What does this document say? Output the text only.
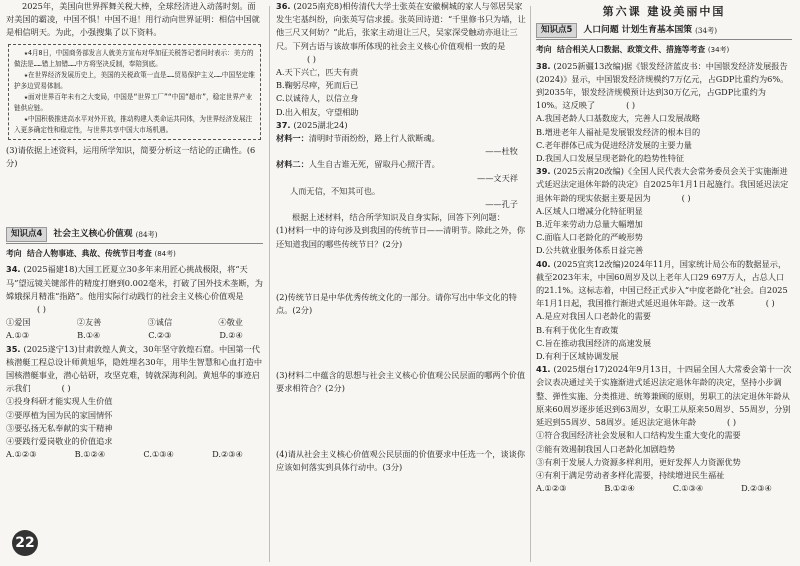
2025年，美国向世界挥舞关税大棒，全球经济进入动荡时刻。面对美国的霸凌，中国不惧！中国不退！用行动向世界证明：相信中国就是相信明天。为此，小强搜集了以下资料。

★4月8日，中国商务部发言人就美方宣布对华加征关税答记者问时表示：美方的做法是……错上加错……中方将坚决反制，奉陪到底。

★在世界经济发展历史上，美国的关税政策一直是……贸易保护主义……中国坚定维护多边贸易体制。

★面对世界百年未有之大变局，中国是“世界工厂”“中国“超市”，稳定世界产业链供应链。

★中国积极推进高水平对外开放，推动构建人类命运共同体，为世界经济发展注入更多确定性和稳定性，与世界共享中国大市场机遇。

(3)请依据上述资料，运用所学知识，简要分析这一结论的正确性。(6分)

知识点4	社会主义核心价值观 (84考)
考向 结合人物事迹、典故、传统节日考查 (84考)

34. (2025福建18)大国工匠夏立30多年来用匠心挑战极限，将“天马”望远镜关键部件的精度打磨到0.002毫米，打破了国外技术垄断，为嫦娥探月精准“指路”。他用实际行动践行的社会主义核心价值观是( )

①爱国	②友善	③诚信	④敬业
A.①③	B.①④	C.②③	D.②④

35. (2025遂宁13)甘肃敦煌人黄文，30年坚守敦煌石窟。中国第一代核潜艇工程总设计师黄旭华，隐姓埋名30年，用毕生智慧和心血打造中国核潜艇事业，潜心钻研，攻坚克难，铸就深海利剑。黄旭华的事迹启示我们	( )

①投身科研才能实现人生价值

②要厚植为国为民的家国情怀

③要弘扬无私奉献的实干精神

④要践行爱岗敬业的价值追求

A.①②③	B.①②④	C.①③④	D.②③④
22

36. (2025南充8)相传清代大学士张英在安徽桐城的家人与邻居吴家发生宅基纠纷，向张英写信求援。张英回诗道：“千里修书只为墙，让他三尺又何妨？”此后，张家主动退让三尺，吴家深受触动亦退让三尺。下列古语与该故事所体现的社会主义核心价值观相一致的是( )

A.天下兴亡，匹夫有责

B.鞠躬尽瘁，死而后已

C.以诚待人，以信立身

D.出入相友，守望相助

37. (2025湖北24)

材料一：清明时节雨纷纷，路上行人欲断魂。

——杜牧

材料二：人生自古谁无死，留取丹心照汗青。

——文天祥

人而无信，不知其可也。

——孔子

根据上述材料，结合所学知识及自身实际，回答下列问题：

(1)材料一中的诗句涉及到我国的传统节日——清明节。除此之外，你还知道我国的哪些传统节日？(2分)

(2)传统节日是中华优秀传统文化的一部分。请你写出中华文化的特点。(2分)

(3)材料二中蕴含的思想与社会主义核心价值观公民层面的哪两个价值要求相符合？(2分)

(4)请从社会主义核心价值观公民层面的价值要求中任选一个，谈谈你应该如何落实到具体行动中。(3分)

第六课 建设美丽中国
知识点5	人口问题 计划生育基本国策 (34考)
考向 结合相关人口数据、政策文件、措施等考查 (34考)

38. (2025新疆13改编)据《银发经济蓝皮书：中国银发经济发展报告(2024)》显示，中国银发经济规模约7万亿元，占GDP比重约为6%。到2035年，银发经济规模预计达到30万亿元，占GDP比重约为10%。这反映了	( )

A.我国老龄人口基数庞大，完善人口发展战略

B.增进老年人福祉是发展银发经济的根本目的

C.老年群体已成为促进经济发展的主要力量

D.我国人口发展呈现老龄化的趋势性特征

39. (2025云南20改编)《全国人民代表大会常务委员会关于实施渐进式延迟法定退休年龄的决定》自2025年1月1日起施行。我国延迟法定退休年龄的现实依据主要是因为	( )

A.区域人口增减分化特征明显

B.近年来劳动力总量大幅增加

C.面临人口老龄化的严峻形势

D.公共就业服务体系日益完善

40. (2025宜宾12改编)2024年11月，国家统计局公布的数据显示，截至2023年末，中国60周岁及以上老年人口29 697万人，占总人口的21.1%。这标志着，中国已经正式步入“中度老龄化”社会。自2025年1月1日起，我国推行渐进式延迟退休年龄。这一改革	( )

A.是应对我国人口老龄化的需要

B.有利于优化生育政策

C.旨在推动我国经济的高速发展

D.有利于区域协调发展

41. (2025烟台17)2024年9月13日，十四届全国人大常委会第十一次会议表决通过关于实施渐进式延迟法定退休年龄的决定，坚持小步调整、弹性实施、分类推进、统筹兼顾的原则，男职工的法定退休年龄从原来60周岁逐步延迟到63周岁，女职工从原来50周岁、55周岁，分别延迟到55周岁、58周岁。延迟法定退休年龄	( )

①符合我国经济社会发展和人口结构发生重大变化的需要

②能有效遏制我国人口老龄化加剧趋势

③有利于发展人力资源多样利用，更好发挥人力资源优势

④有利于满足劳动者多样化需要，持续增进民生福祉

A.①②③	B.①②④	C.①③④	D.②③④
